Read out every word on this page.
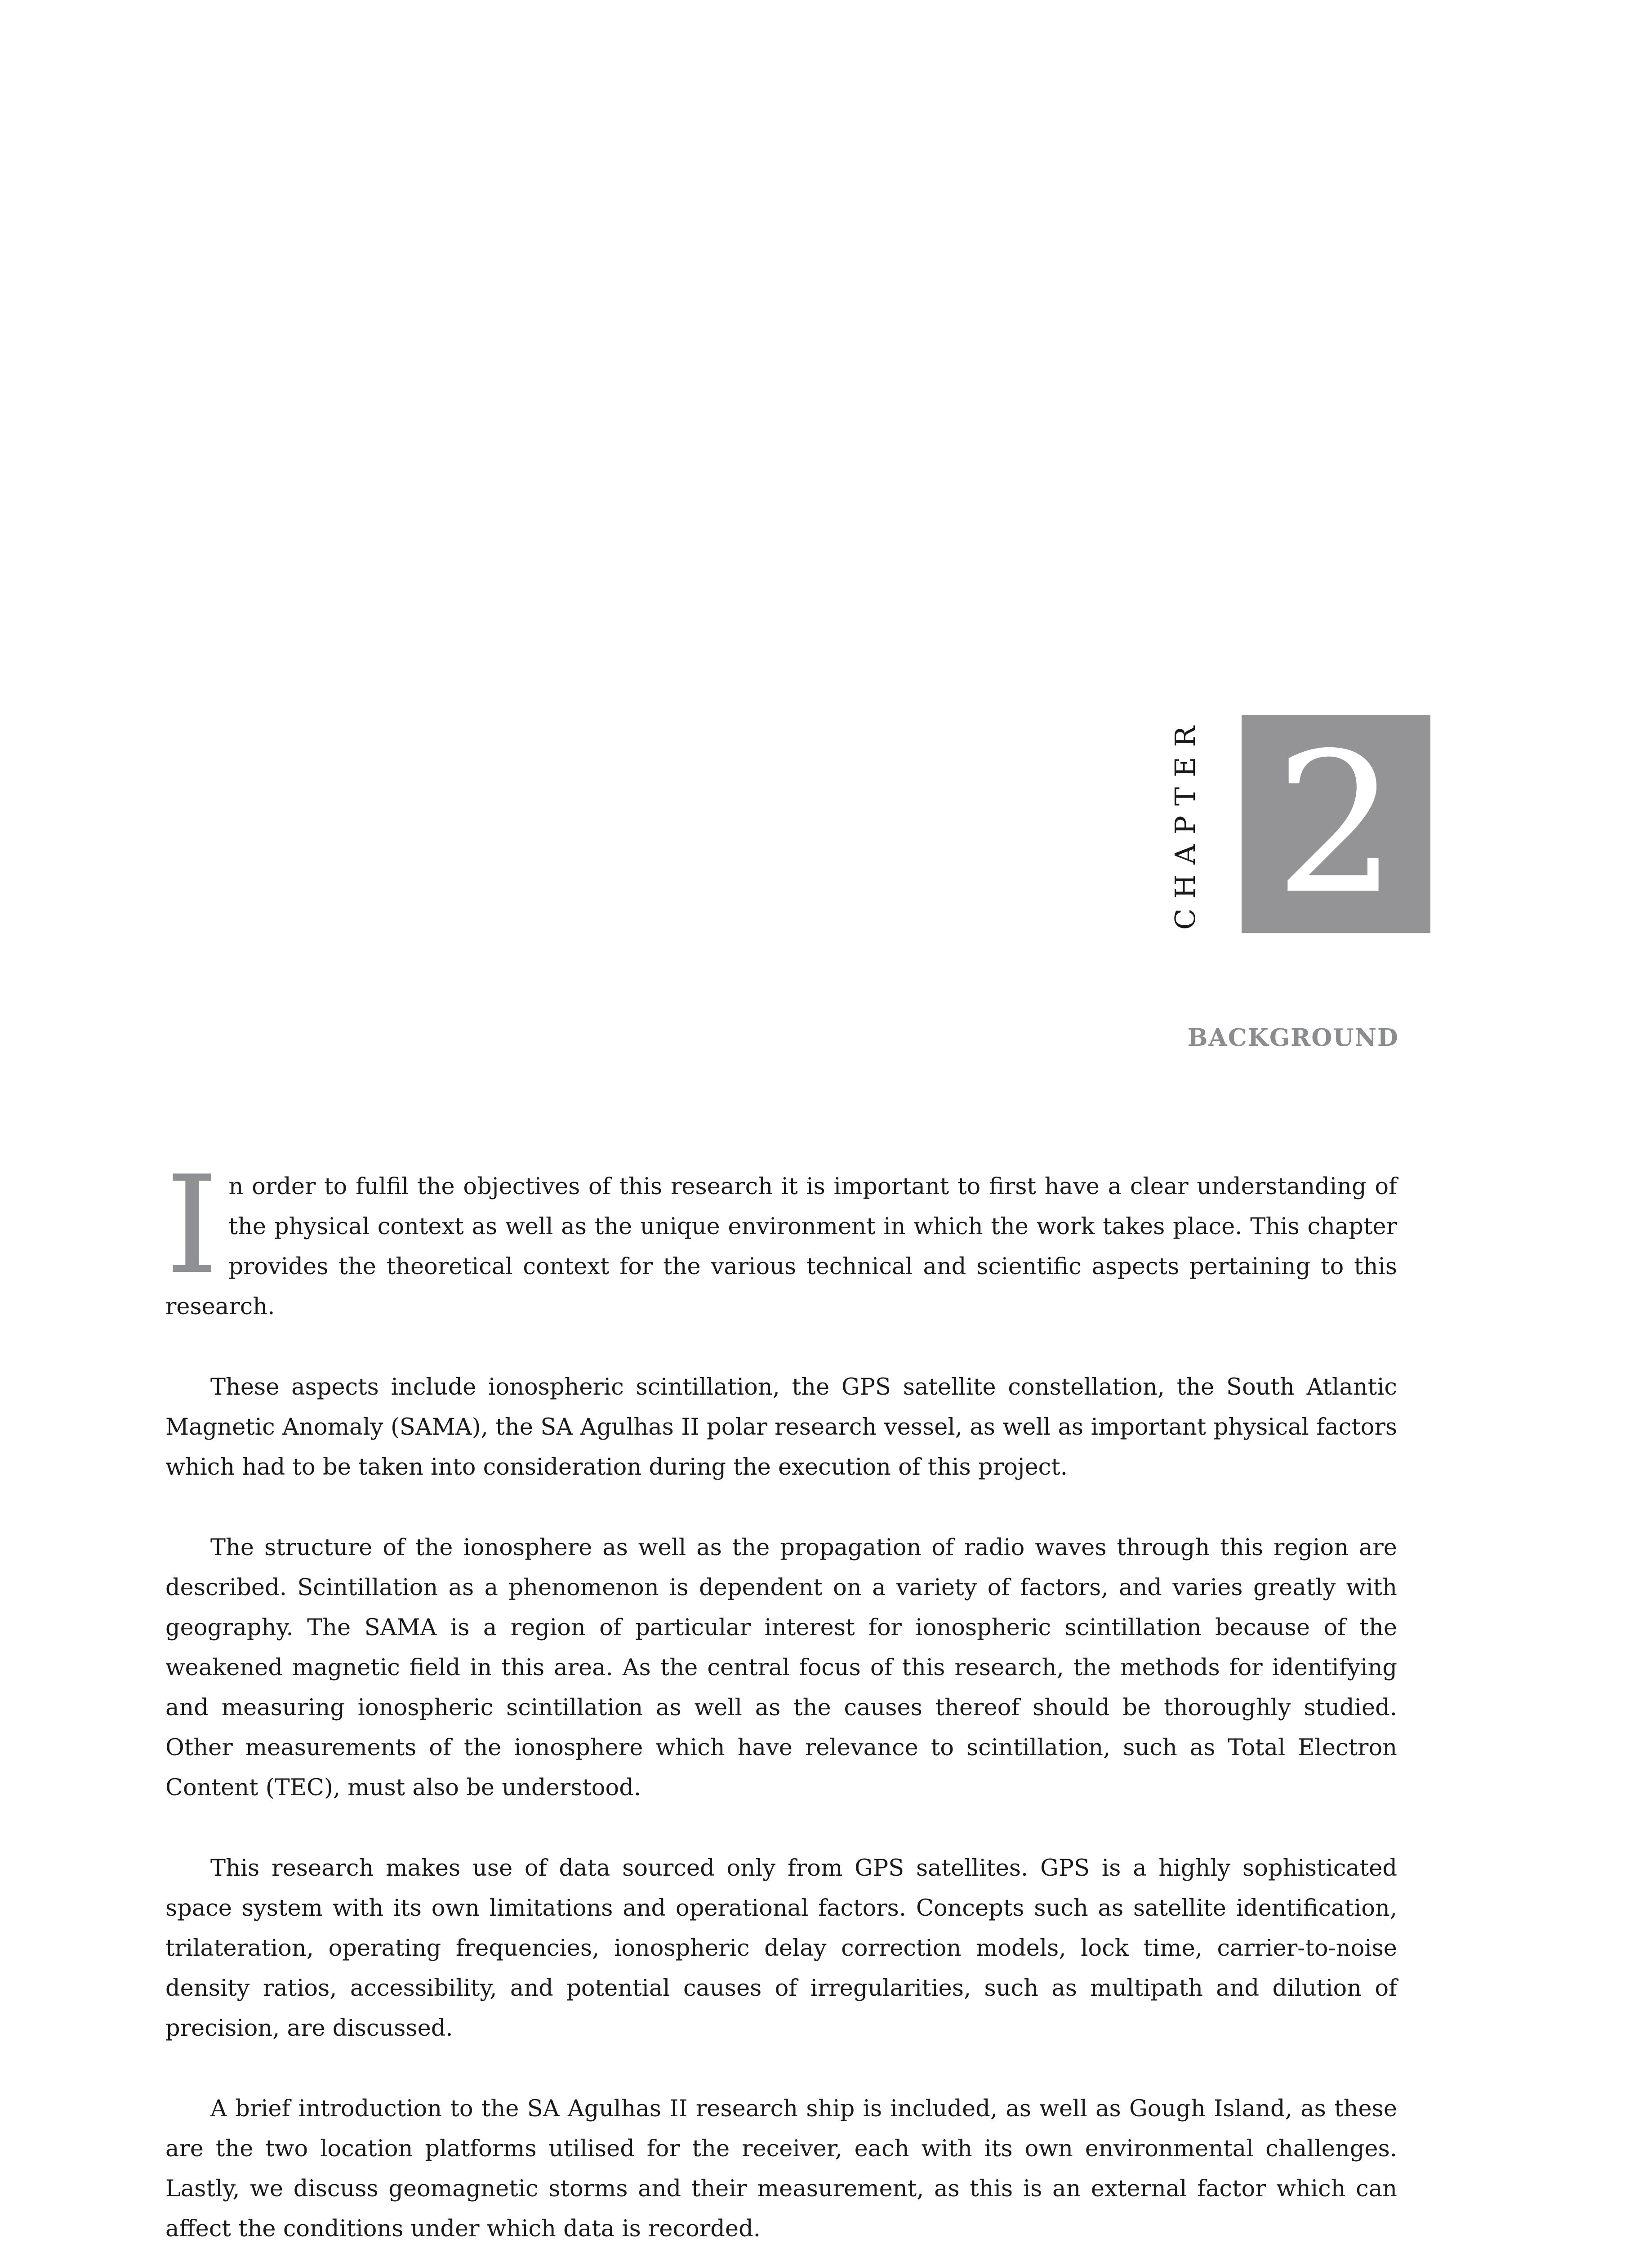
CHAPTER 2
background

In order to fulfil the objectives of this research it is important to first have a clear understanding of the physical context as well as the unique environment in which the work takes place. This chapter provides the theoretical context for the various technical and scientific aspects pertaining to this research.

These aspects include ionospheric scintillation, the GPS satellite constellation, the South Atlantic Magnetic Anomaly (SAMA), the SA Agulhas II polar research vessel, as well as important physical factors which had to be taken into consideration during the execution of this project.

The structure of the ionosphere as well as the propagation of radio waves through this region are described. Scintillation as a phenomenon is dependent on a variety of factors, and varies greatly with geography. The SAMA is a region of particular interest for ionospheric scintillation because of the weakened magnetic field in this area. As the central focus of this research, the methods for identifying and measuring ionospheric scintillation as well as the causes thereof should be thoroughly studied. Other measurements of the ionosphere which have relevance to scintillation, such as Total Electron Content (TEC), must also be understood.

This research makes use of data sourced only from GPS satellites. GPS is a highly sophisticated space system with its own limitations and operational factors. Concepts such as satellite identification, trilateration, operating frequencies, ionospheric delay correction models, lock time, carrier-to-noise density ratios, accessibility, and potential causes of irregularities, such as multipath and dilution of precision, are discussed.

A brief introduction to the SA Agulhas II research ship is included, as well as Gough Island, as these are the two location platforms utilised for the receiver, each with its own environmental challenges. Lastly, we discuss geomagnetic storms and their measurement, as this is an external factor which can affect the conditions under which data is recorded.
